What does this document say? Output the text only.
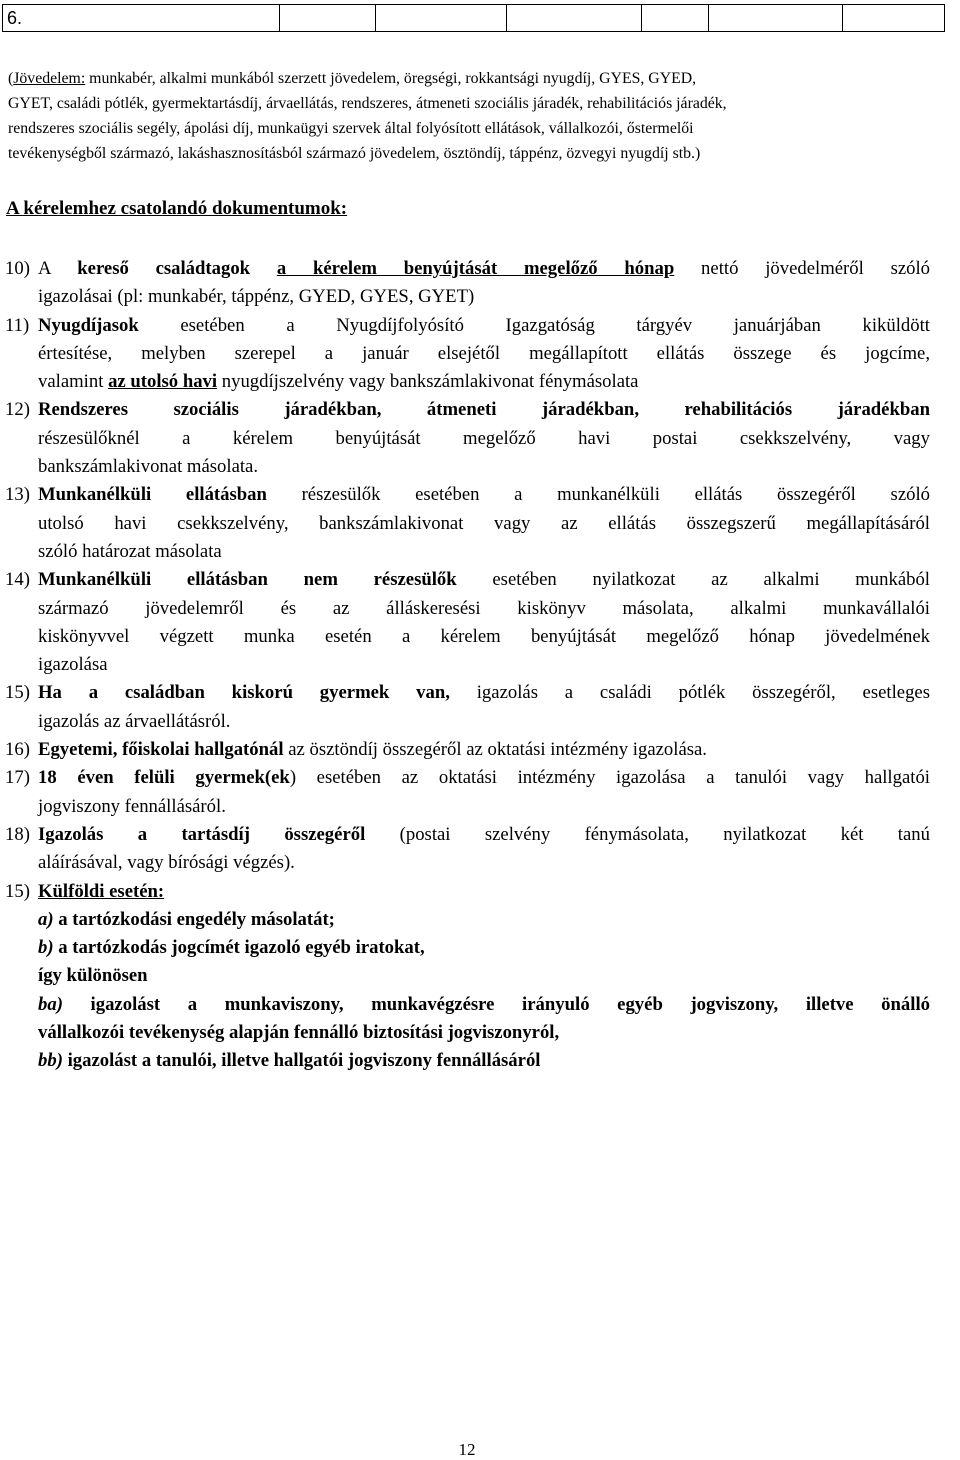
6.						

(Jövedelem: munkabér, alkalmi munkából szerzett jövedelem, öregségi, rokkantsági nyugdíj, GYES, GYED,

GYET, családi pótlék, gyermektartásdíj, árvaellátás, rendszeres, átmeneti szociális járadék, rehabilitációs járadék,

rendszeres szociális segély, ápolási díj, munkaügyi szervek által folyósított ellátások, vállalkozói, őstermelői

tevékenységből származó, lakáshasznosításból származó jövedelem, ösztöndíj, táppénz, özvegyi nyugdíj stb.)

A kérelemhez csatolandó dokumentumok:
10) A kereső családtagok a kérelem benyújtását megelőző hónap nettó jövedelméről szóló
igazolásai (pl: munkabér, táppénz, GYED, GYES, GYET)
11) Nyugdíjasok esetében a Nyugdíjfolyósító Igazgatóság tárgyév januárjában kiküldött
értesítése, melyben szerepel a január elsejétől megállapított ellátás összege és jogcíme,
valamint az utolsó havi nyugdíjszelvény vagy bankszámlakivonat fénymásolata
12) Rendszeres szociális járadékban, átmeneti járadékban, rehabilitációs járadékban
részesülőknél a kérelem benyújtását megelőző havi postai csekkszelvény, vagy
bankszámlakivonat másolata.
13) Munkanélküli ellátásban részesülők esetében a munkanélküli ellátás összegéről szóló
utolsó havi csekkszelvény, bankszámlakivonat vagy az ellátás összegszerű megállapításáról
szóló határozat másolata
14) Munkanélküli ellátásban nem részesülők esetében nyilatkozat az alkalmi munkából
származó jövedelemről és az álláskeresési kiskönyv másolata, alkalmi munkavállalói
kiskönyvvel végzett munka esetén a kérelem benyújtását megelőző hónap jövedelmének
igazolása
15) Ha a családban kiskorú gyermek van, igazolás a családi pótlék összegéről, esetleges
igazolás az árvaellátásról.
16) Egyetemi, főiskolai hallgatónál az ösztöndíj összegéről az oktatási intézmény igazolása.
17) 18 éven felüli gyermek(ek) esetében az oktatási intézmény igazolása a tanulói vagy hallgatói
jogviszony fennállásáról.
18) Igazolás a tartásdíj összegéről (postai szelvény fénymásolata, nyilatkozat két tanú
aláírásával, vagy bírósági végzés).
15) Külföldi esetén:
a) a tartózkodási engedély másolatát;
b) a tartózkodás jogcímét igazoló egyéb iratokat,
így különösen
ba) igazolást a munkaviszony, munkavégzésre irányuló egyéb jogviszony, illetve önálló
vállalkozói tevékenység alapján fennálló biztosítási jogviszonyról,
bb) igazolást a tanulói, illetve hallgatói jogviszony fennállásáról
12
